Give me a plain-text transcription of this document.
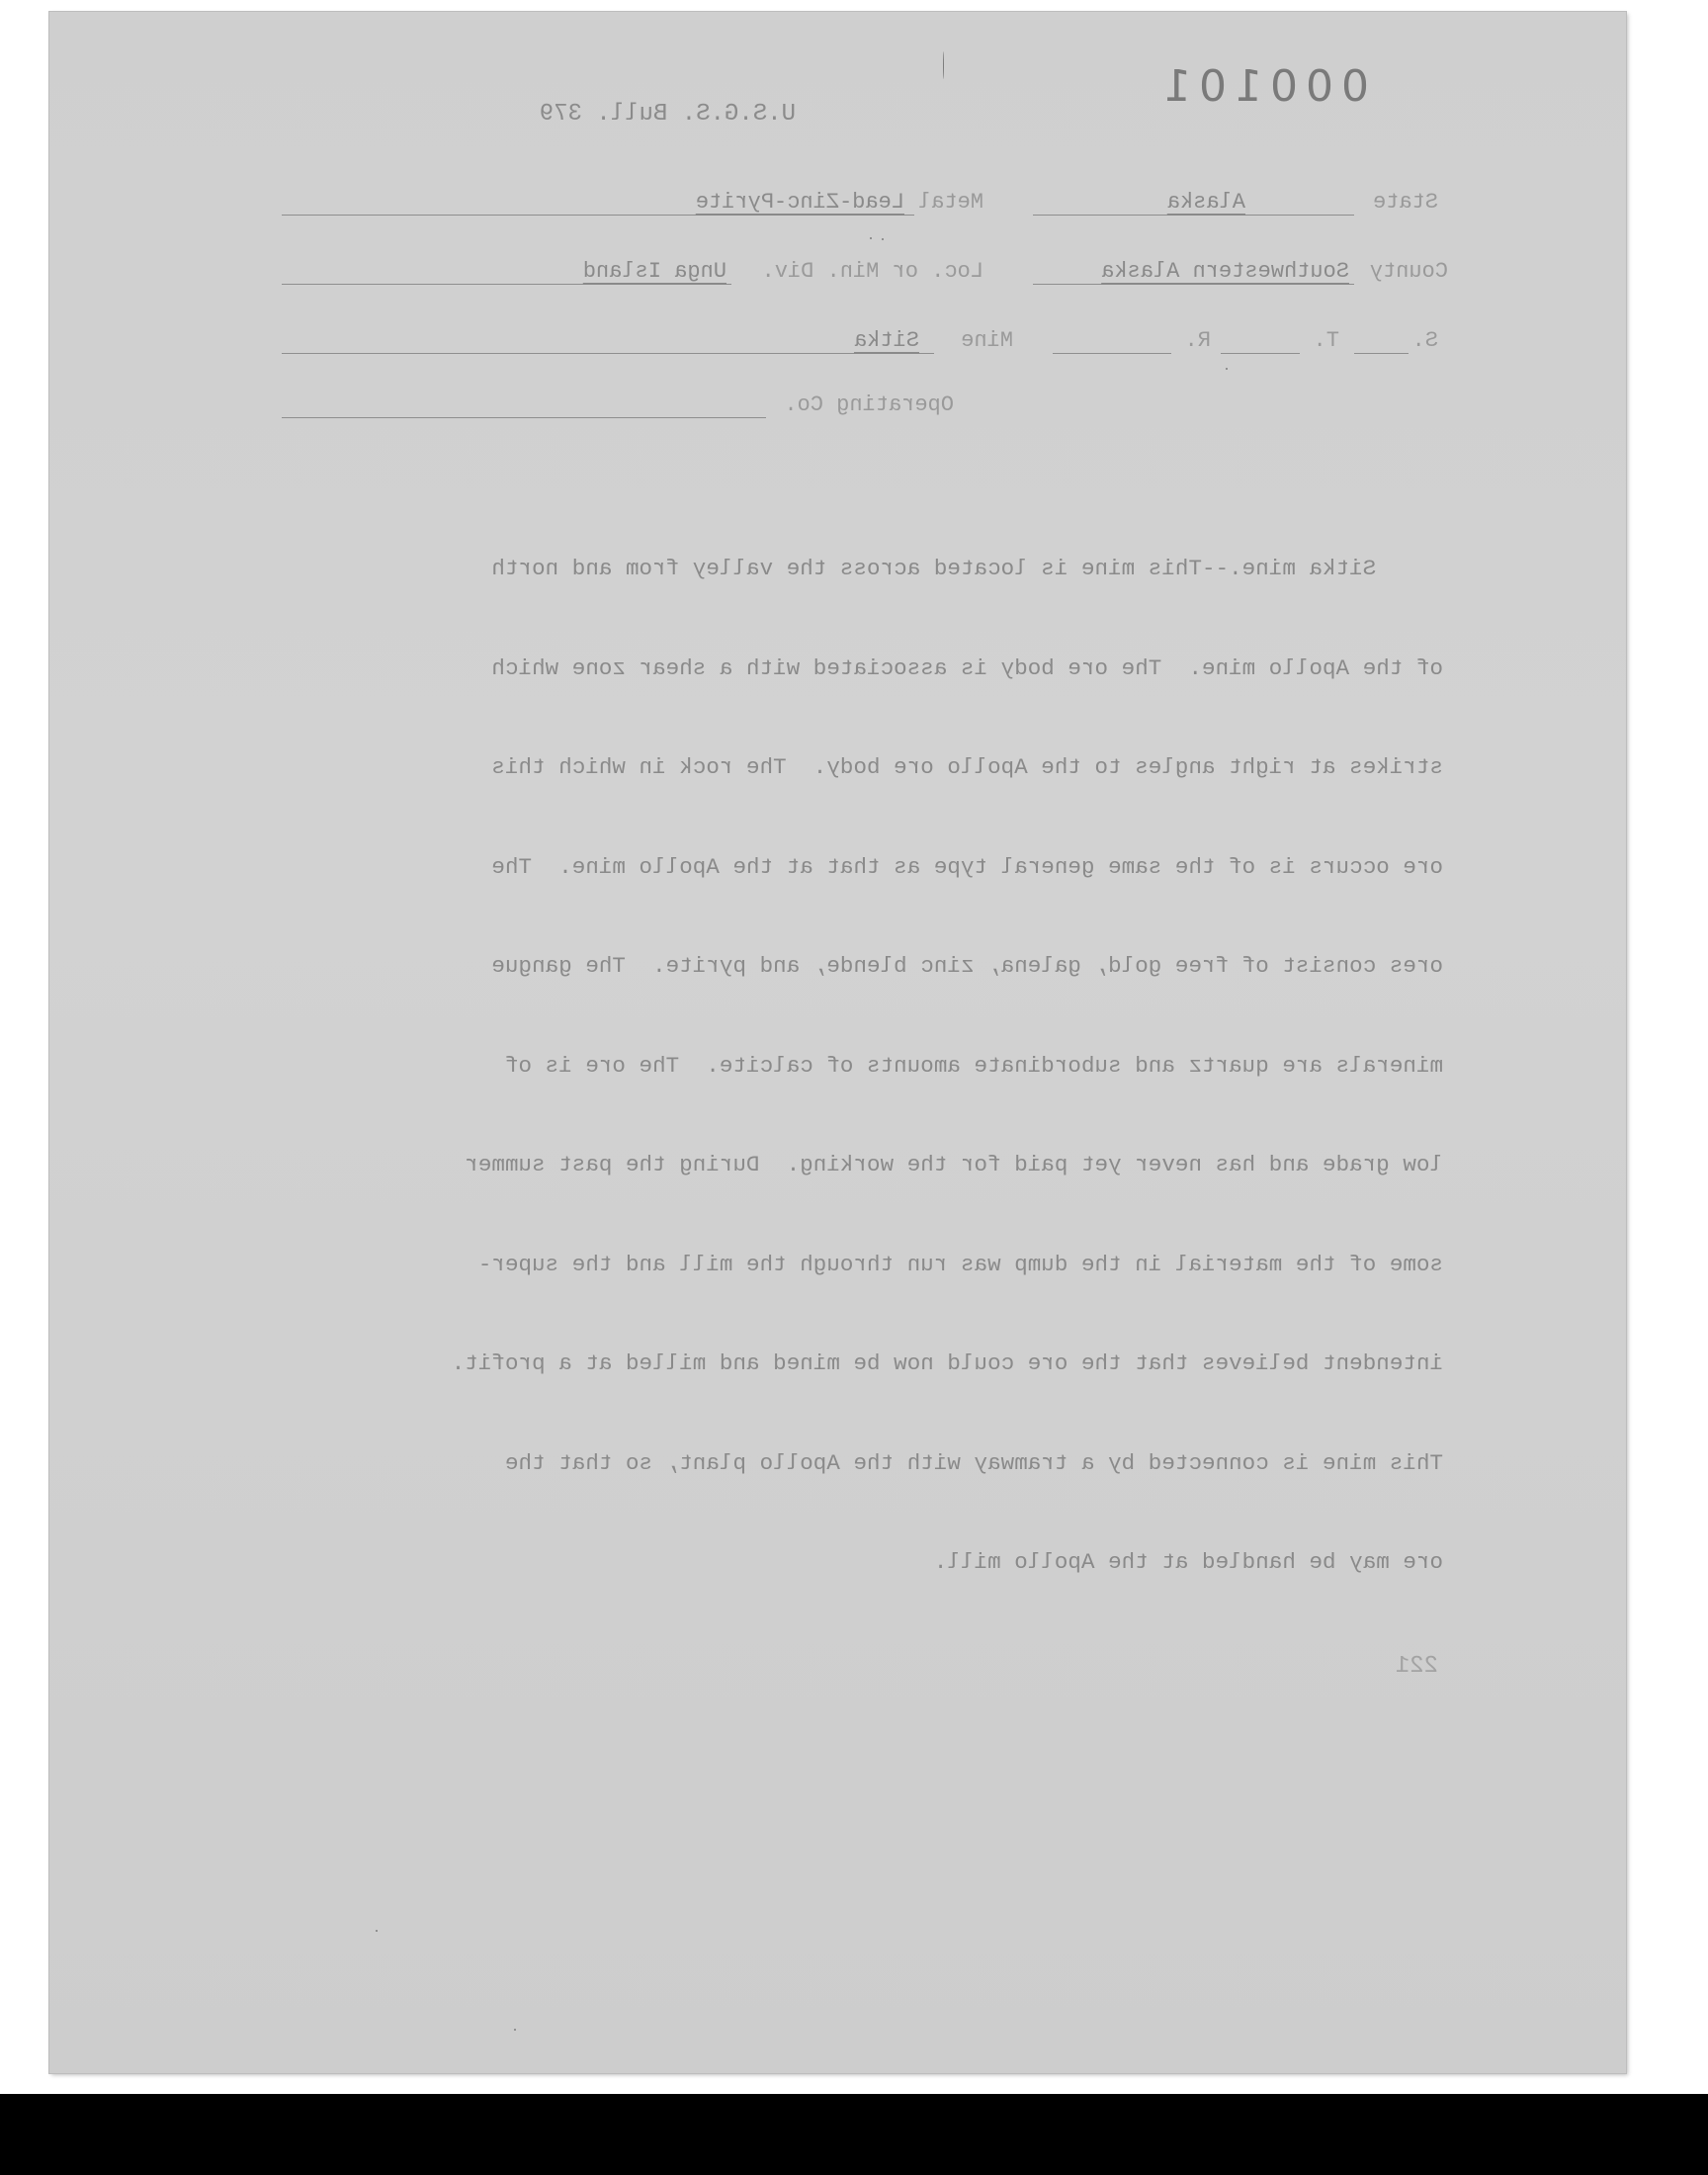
U.S.G.S. Bull. 379
State
Alaska
Metal
Lead-Zinc-Pyrite
County
Southwestern Alaska
Loc. or Min. Div.
Unga Island
S.
T.
R.
Mine
Sitka
Operating Co.

Sitka mine.--This mine is located across the valley from and north

of the Apollo mine.  The ore body is associated with a shear zone which

strikes at right angles to the Apollo ore body.  The rock in which this

ore occurs is of the same general type as that at the Apollo mine.  The

ores consist of free gold, galena, zinc blende, and pyrite.  The gangue

minerals are quartz and subordinate amounts of calcite.  The ore is of

low grade and has never yet paid for the working.  During the past summer

some of the material in the dump was run through the mill and the super-

intendent believes that the ore could now be mined and milled at a profit.

This mine is connected by a tramway with the Apollo plant, so that the

ore may be handled at the Apollo mill.

221
000101
